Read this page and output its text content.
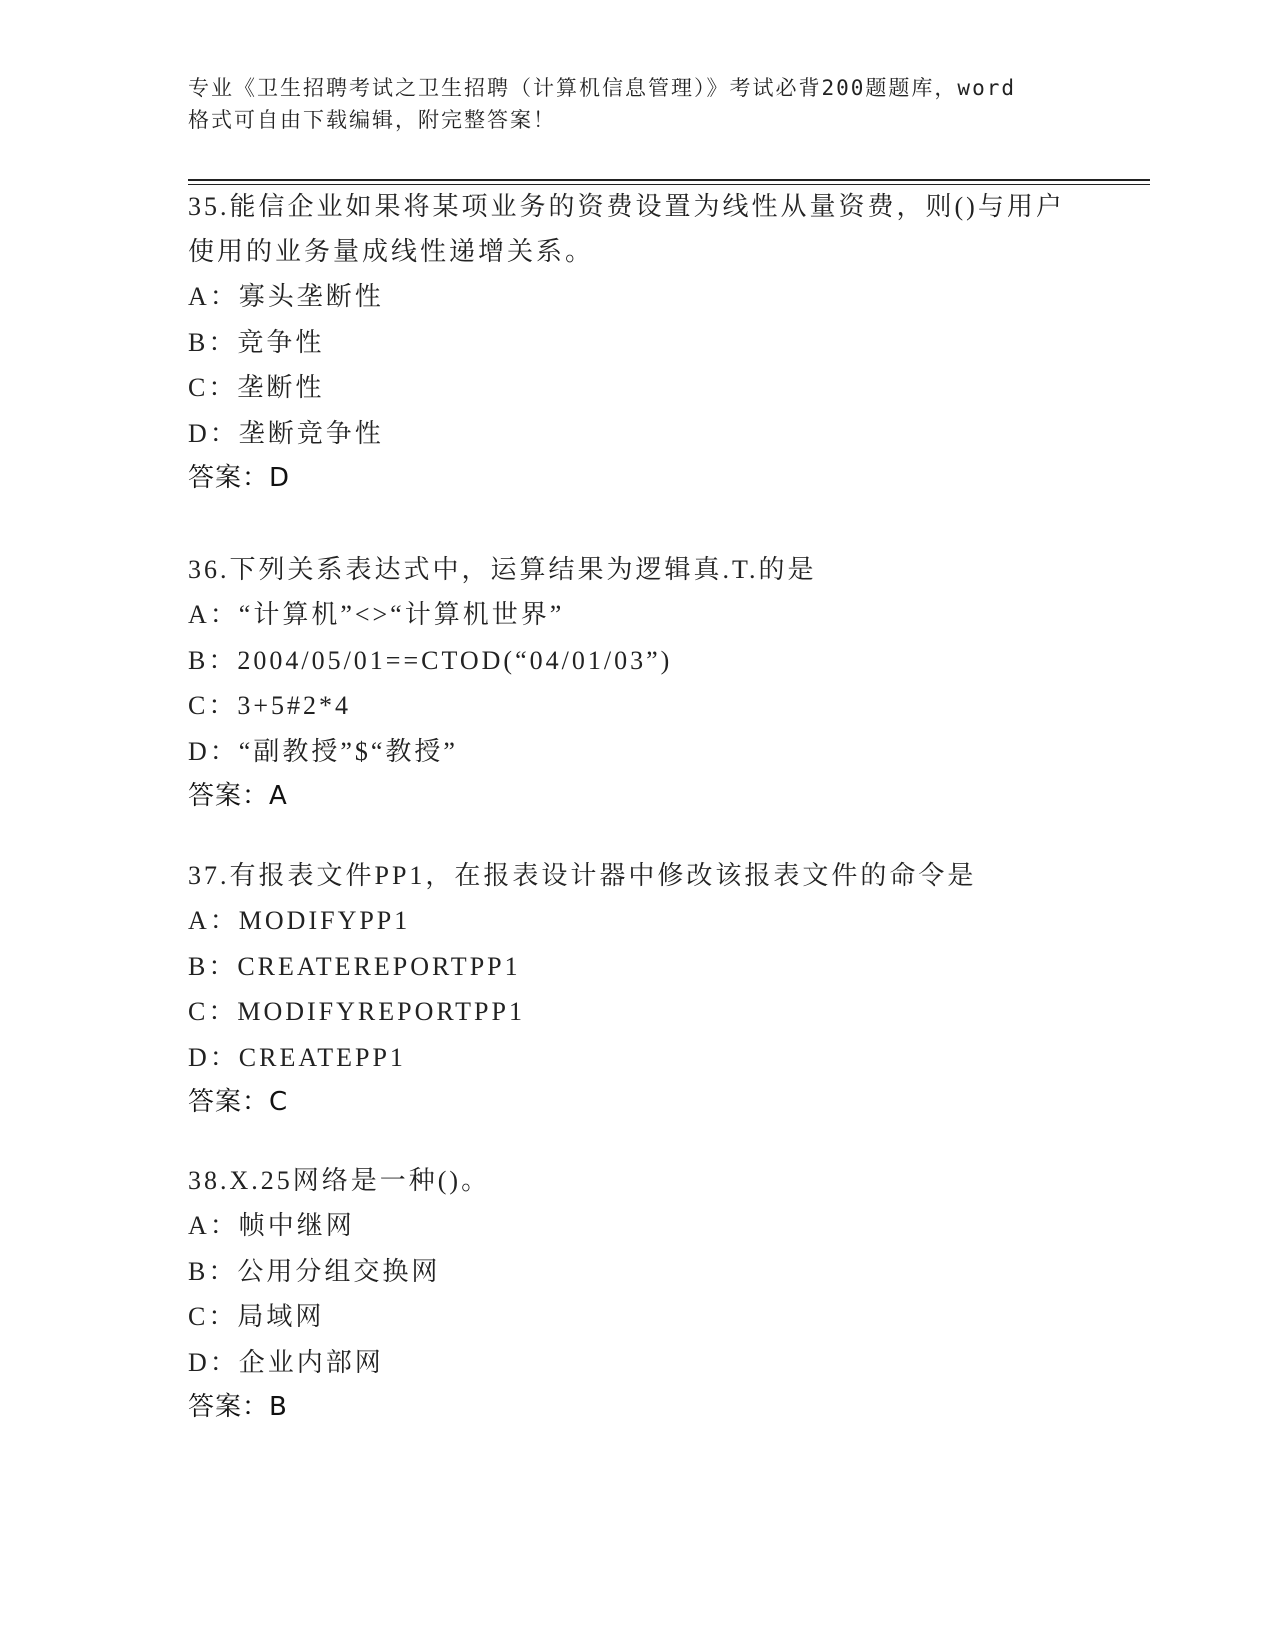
专业《卫生招聘考试之卫生招聘（计算机信息管理）》考试必背200题题库，word
格式可自由下载编辑，附完整答案！
35.能信企业如果将某项业务的资费设置为线性从量资费，则()与用户
使用的业务量成线性递增关系。
A：寡头垄断性
B：竞争性
C：垄断性
D：垄断竞争性
答案：D
36.下列关系表达式中，运算结果为逻辑真.T.的是
A：“计算机”<>“计算机世界”
B：2004/05/01==CTOD(“04/01/03”)
C：3+5#2*4
D：“副教授”$“教授”
答案：A
37.有报表文件PP1，在报表设计器中修改该报表文件的命令是
A：MODIFYPP1
B：CREATEREPORTPP1
C：MODIFYREPORTPP1
D：CREATEPP1
答案：C
38.X.25网络是一种()。
A：帧中继网
B：公用分组交换网
C：局域网
D：企业内部网
答案：B
